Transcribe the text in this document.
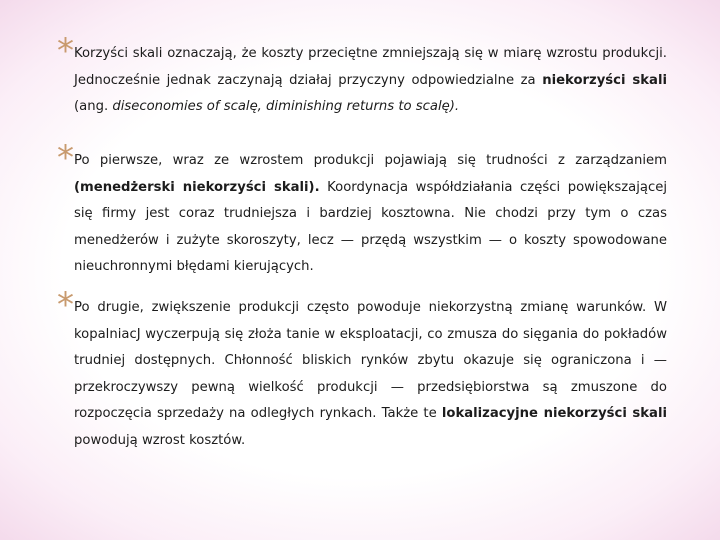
* Korzyści skali oznaczają, że koszty przeciętne zmniejszają się w miarę wzrostu produkcji. Jednocześnie jednak zaczynają działaj przyczyny odpowiedzialne za niekorzyści skali (ang. diseconomies of scalę, diminishing returns to scalę).

* Po pierwsze, wraz ze wzrostem produkcji pojawiają się trudności z zarządzaniem (menedżerski niekorzyści skali). Koordynacja współdziałania części powiększającej się firmy jest coraz trudniejsza i bardziej kosztowna. Nie chodzi przy tym o czas menedżerów i zużyte skoroszyty, lecz — przędą wszystkim — o koszty spowodowane nieuchronnymi błędami kierujących.

* Po drugie, zwiększenie produkcji często powoduje niekorzystną zmianę warunków. W kopalniacJ wyczerpują się złoża tanie w eksploatacji, co zmusza do sięgania do pokładów trudniej dostępnych. Chłonność bliskich rynków zbytu okazuje się ograniczona i — przekroczywszy pewną wielkość produkcji — przedsiębiorstwa są zmuszone do rozpoczęcia sprzedaży na odległych rynkach. Także te lokalizacyjne niekorzyści skali powodują wzrost kosztów.
